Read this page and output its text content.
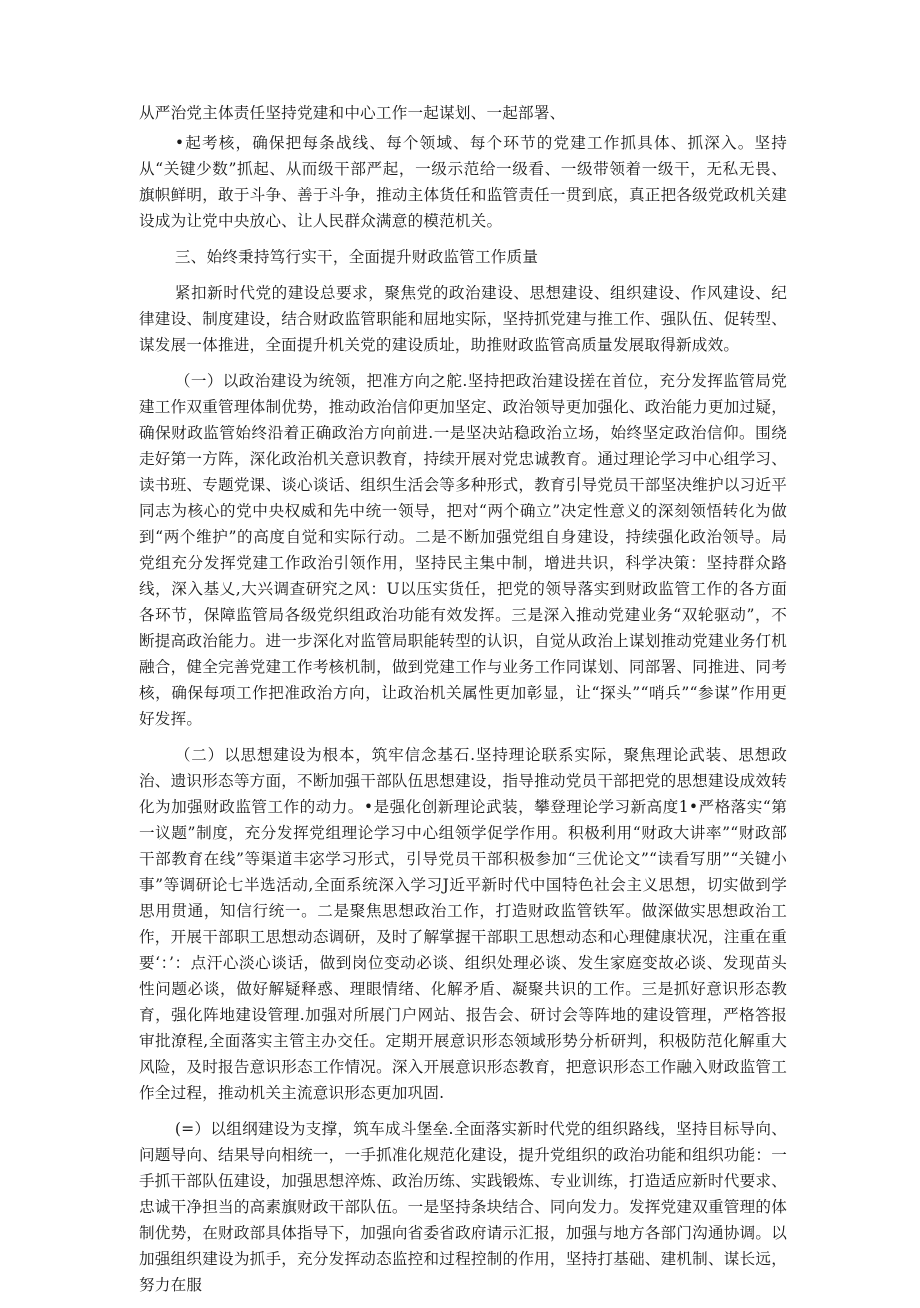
从严治党主体责任坚持党建和中心工作一起谋划、一起部署、

•起考核，确保把每条战线、每个领域、每个环节的党建工作抓具体、抓深入。坚持从“关键少数”抓起、从而级干部严起，一级示范给一级看、一级带领着一级干，无私无畏、旗帜鲜明，敢于斗争、善于斗争，推动主体货任和监管责任一贯到底，真正把各级党政机关建设成为让党中央放心、让人民群众满意的模范机关。

三、始终秉持笃行实干，全面提升财政监管工作质量

紧扣新时代党的建设总要求，聚焦党的政治建设、思想建设、组织建设、作风建设、纪律建设、制度建设，结合财政监管职能和屈地实际，坚持抓党建与推工作、强队伍、促转型、谋发展一体推进，全面提升机关党的建设质址，助推财政监管高质量发展取得新成效。

（一）以政治建设为统领，把准方向之舵.坚持把政治建设搓在首位，充分发挥监管局党建工作双重管理体制优势，推动政治信仰更加坚定、政治领导更加强化、政治能力更加过疑，确保财政监管始终沿着正确政治方向前进.一是坚决站稳政治立场，始终坚定政治信仰。围绕走好第一方阵，深化政治机关意识教育，持续开展对党忠诚教育。通过理论学习中心组学习、读书班、专题党课、谈心谈话、组织生活会等多种形式，教育引导党员干部坚决维护以习近平同志为核心的党中央权威和先中统一领导，把对“两个确立”决定性意义的深刻领悟转化为做到“两个维护”的高度自觉和实际行动。二是不断加强党组自身建设，持续强化政治领导。局党组充分发挥党建工作政治引领作用，坚持民主集中制，增进共识，科学决策：坚持群众路线，深入基乂,大兴调查研究之风：U以压实货任，把党的领导落实到财政监管工作的各方面各环节，保障监管局各级党织组政治功能有效发挥。三是深入推动党建业务“双轮驱动”，不断提高政治能力。进一步深化对监管局职能转型的认识，自觉从政治上谋划推动党建业务仃机融合，健全完善党建工作考核机制，做到党建工作与业务工作同谋划、同部署、同推进、同考核，确保每项工作把准政治方向，让政治机关属性更加彰显，让“探头”“哨兵”“参谋”作用更好发挥。

（二）以思想建设为根本，筑牢信念基石.坚持理论联系实际，聚焦理论武装、思想政治、遗识形态等方面，不断加强干部队伍思想建设，指导推动党员干部把党的思想建设成效转化为加强财政监管工作的动力。•是强化创新理论武装，攀登理论学习新高度1•严格落实“第一议题”制度，充分发挥党组理论学习中心组领学促学作用。积极利用“财政大讲率”“财政部干部教育在线”等渠道丰宓学习形式，引导党员干部积极参加“三优论文”“读看写朋”“关键小事”等调研论七半选活动,全面系统深入学习J近平新时代中国特色社会主义思想，切实做到学思用贯通，知信行统一。二是聚焦思想政治工作，打造财政监管铁军。做深做实思想政治工作，开展干部职工思想动态调研，及时了解掌握干部职工思想动态和心理健康状况，注重在重要‘：’：点汗心淡心谈话，做到岗位变动必谈、组织处理必谈、发生家庭变故必谈、发现苗头性问题必谈，做好解疑释惑、理眼情绪、化解矛盾、凝聚共识的工作。三是抓好意识形态教育，强化阵地建设管理.加强对所展门户网站、报告会、研讨会等阵地的建设管理，严格答报审批潦程,全面落实主管主办交任。定期开展意识形态领域形势分析研判，积极防范化解重大风险，及时报告意识形态工作情况。深入开展意识形态教育，把意识形态工作融入财政监管工作全过程，推动机关主流意识形态更加巩固.

(=）以组纲建设为支撑，筑车成斗堡垒.全面落实新时代党的组织路线，坚持目标导向、问题导向、结果导向相统一，一手抓准化规范化建设，提升党组织的政治功能和组织功能：一手抓干部队伍建设，加强思想淬炼、政治历练、实践锻炼、专业训练，打造适应新时代要求、忠诚干净担当的高素旗财政干部队伍。一是坚持条块结合、同向发力。发挥党建双重管理的体制优势，在财政部具体指导下，加强向省委省政府请示汇报，加强与地方各部门沟通协调。以加强组织建设为抓手，充分发挥动态监控和过程控制的作用，坚持打基础、建机制、谋长远，努力在服
